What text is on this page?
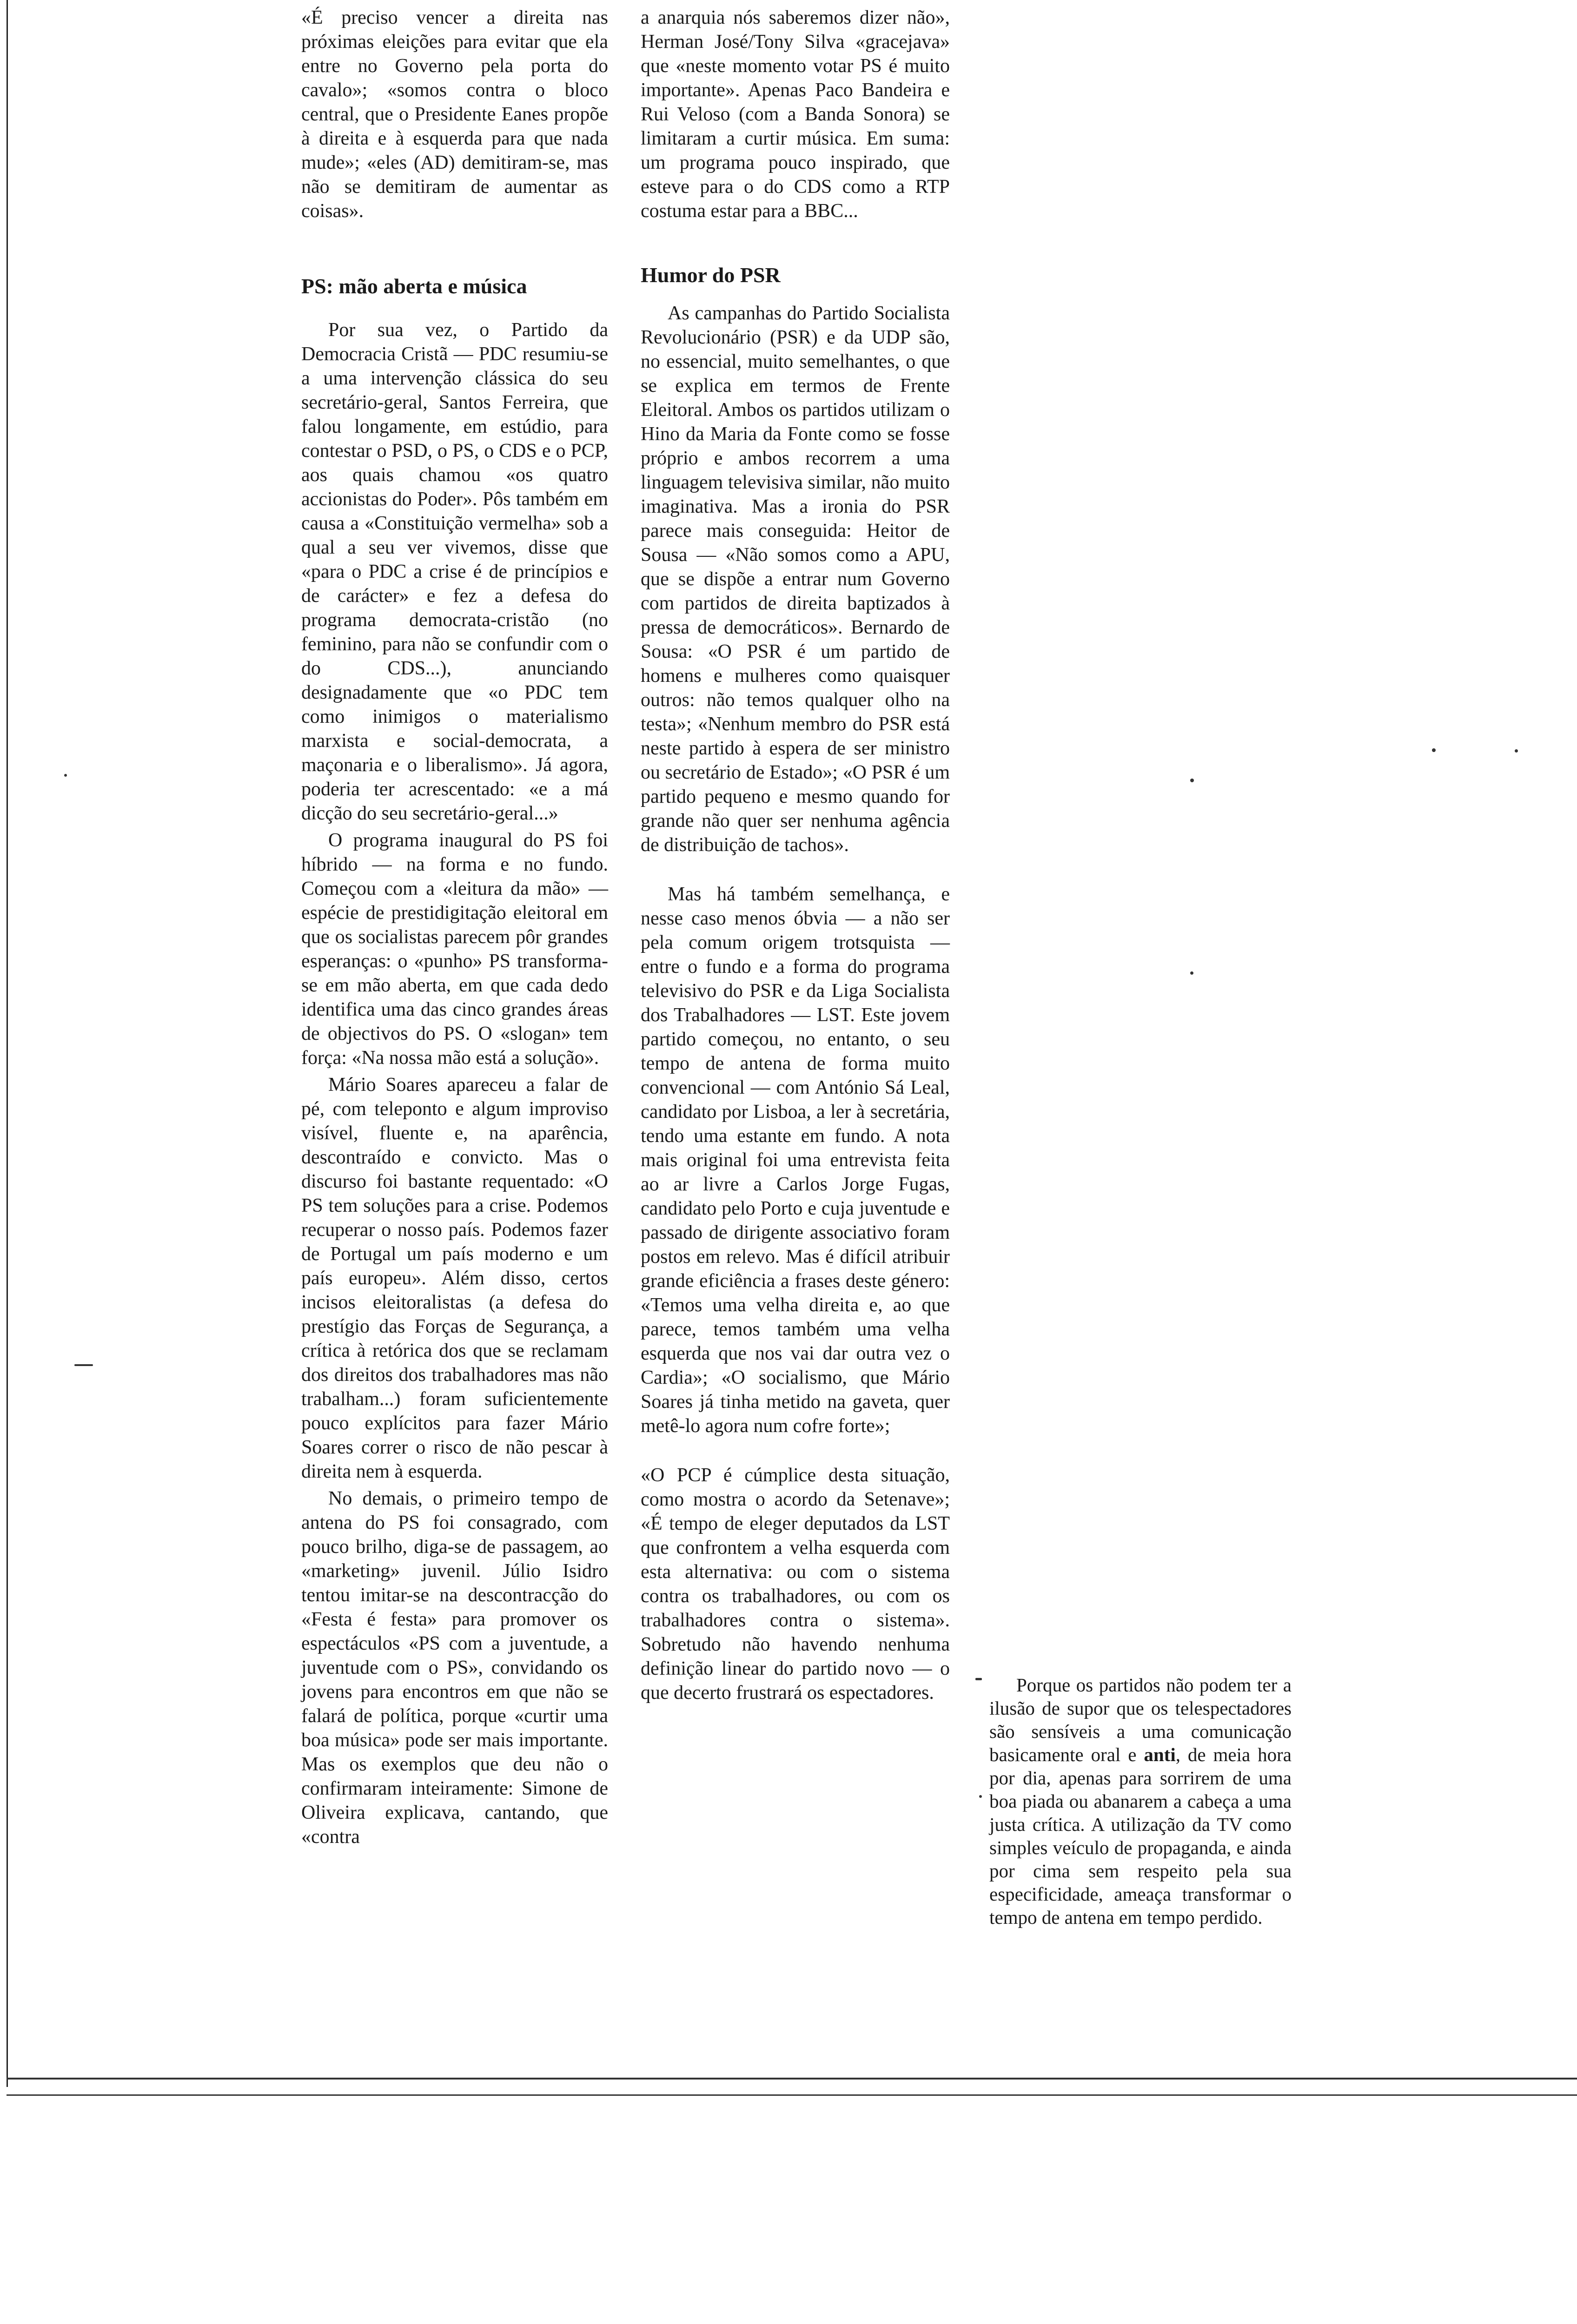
«É preciso vencer a direita nas próximas eleições para evitar que ela entre no Governo pela porta do cavalo»; «somos contra o bloco central, que o Presidente Eanes propõe à direita e à esquerda para que nada mude»; «eles (AD) demitiram-se, mas não se demitiram de aumentar as coisas».

PS: mão aberta e música

Por sua vez, o Partido da Democracia Cristã — PDC resumiu-se a uma intervenção clássica do seu secretário-geral, Santos Ferreira, que falou longamente, em estúdio, para contestar o PSD, o PS, o CDS e o PCP, aos quais chamou «os quatro accionistas do Poder». Pôs também em causa a «Constituição vermelha» sob a qual a seu ver vivemos, disse que «para o PDC a crise é de princípios e de carácter» e fez a defesa do programa democrata-cristão (no feminino, para não se confundir com o do CDS...), anunciando designadamente que «o PDC tem como inimigos o materialismo marxista e social-democrata, a maçonaria e o liberalismo». Já agora, poderia ter acrescentado: «e a má dicção do seu secretário-geral...»

O programa inaugural do PS foi híbrido — na forma e no fundo. Começou com a «leitura da mão» — espécie de prestidigitação eleitoral em que os socialistas parecem pôr grandes esperanças: o «punho» PS transforma-se em mão aberta, em que cada dedo identifica uma das cinco grandes áreas de objectivos do PS. O «slogan» tem força: «Na nossa mão está a solução».

Mário Soares apareceu a falar de pé, com teleponto e algum improviso visível, fluente e, na aparência, descontraído e convicto. Mas o discurso foi bastante requentado: «O PS tem soluções para a crise. Podemos recuperar o nosso país. Podemos fazer de Portugal um país moderno e um país europeu». Além disso, certos incisos eleitoralistas (a defesa do prestígio das Forças de Segurança, a crítica à retórica dos que se reclamam dos direitos dos trabalhadores mas não trabalham...) foram suficientemente pouco explícitos para fazer Mário Soares correr o risco de não pescar à direita nem à esquerda.

No demais, o primeiro tempo de antena do PS foi consagrado, com pouco brilho, diga-se de passagem, ao «marketing» juvenil. Júlio Isidro tentou imitar-se na descontracção do «Festa é festa» para promover os espectáculos «PS com a juventude, a juventude com o PS», convidando os jovens para encontros em que não se falará de política, porque «curtir uma boa música» pode ser mais importante. Mas os exemplos que deu não o confirmaram inteiramente: Simone de Oliveira explicava, cantando, que «contra

a anarquia nós saberemos dizer não», Herman José/Tony Silva «gracejava» que «neste momento votar PS é muito importante». Apenas Paco Bandeira e Rui Veloso (com a Banda Sonora) se limitaram a curtir música. Em suma: um programa pouco inspirado, que esteve para o do CDS como a RTP costuma estar para a BBC...

Humor do PSR

As campanhas do Partido Socialista Revolucionário (PSR) e da UDP são, no essencial, muito semelhantes, o que se explica em termos de Frente Eleitoral. Ambos os partidos utilizam o Hino da Maria da Fonte como se fosse próprio e ambos recorrem a uma linguagem televisiva similar, não muito imaginativa. Mas a ironia do PSR parece mais conseguida: Heitor de Sousa — «Não somos como a APU, que se dispõe a entrar num Governo com partidos de direita baptizados à pressa de democráticos». Bernardo de Sousa: «O PSR é um partido de homens e mulheres como quaisquer outros: não temos qualquer olho na testa»; «Nenhum membro do PSR está neste partido à espera de ser ministro ou secretário de Estado»; «O PSR é um partido pequeno e mesmo quando for grande não quer ser nenhuma agência de distribuição de tachos».

Mas há também semelhança, e nesse caso menos óbvia — a não ser pela comum origem trotsquista — entre o fundo e a forma do programa televisivo do PSR e da Liga Socialista dos Trabalhadores — LST. Este jovem partido começou, no entanto, o seu tempo de antena de forma muito convencional — com António Sá Leal, candidato por Lisboa, a ler à secretária, tendo uma estante em fundo. A nota mais original foi uma entrevista feita ao ar livre a Carlos Jorge Fugas, candidato pelo Porto e cuja juventude e passado de dirigente associativo foram postos em relevo. Mas é difícil atribuir grande eficiência a frases deste género: «Temos uma velha direita e, ao que parece, temos também uma velha esquerda que nos vai dar outra vez o Cardia»; «O socialismo, que Mário Soares já tinha metido na gaveta, quer metê-lo agora num cofre forte»;

«O PCP é cúmplice desta situação, como mostra o acordo da Setenave»; «É tempo de eleger deputados da LST que confrontem a velha esquerda com esta alternativa: ou com o sistema contra os trabalhadores, ou com os trabalhadores contra o sistema». Sobretudo não havendo nenhuma definição linear do partido novo — o que decerto frustrará os espectadores.	Porque os partidos não podem ter a ilusão de supor que os telespectadores são sensíveis a uma comunicação basicamente oral e anti, de meia hora por dia, apenas para sorrirem de uma boa piada ou abanarem a cabeça a uma justa crítica. A utilização da TV como simples veículo de propaganda, e ainda por cima sem respeito pela sua especificidade, ameaça transformar o tempo de antena em tempo perdido.
